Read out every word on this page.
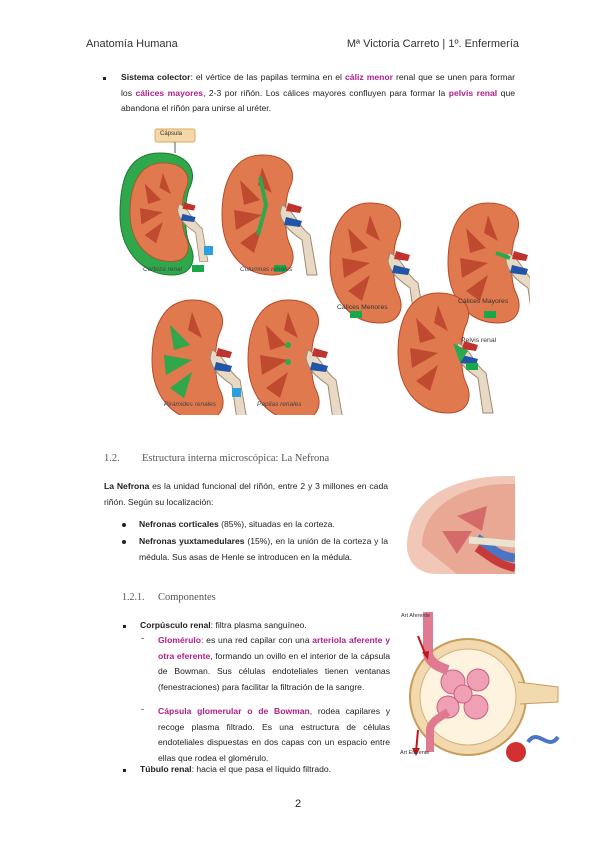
Anatomía Humana	Mª Victoria Carreto | 1º. Enfermería
Sistema colector: el vértice de las papilas termina en el cáliz menor renal que se unen para formar los cálices mayores, 2-3 por riñón. Los cálices mayores confluyen para formar la pelvis renal que abandona el riñón para unirse al uréter.
Corteza renal	Columnas renales
Pirámides renales	Papilas renales
Cápsula
Cálices Menores
Cálices Mayores
Pelvis renal
1.2. Estructura interna microscópica: La Nefrona
La Nefrona es la unidad funcional del riñón, entre 2 y 3 millones en cada riñón. Según su localización:
Nefronas corticales (85%), situadas en la corteza.
Nefronas yuxtamedulares (15%), en la unión de la corteza y la médula. Sus asas de Henle se introducen en la médula.
1.2.1. Componentes
Corpúsculo renal: filtra plasma sanguíneo.
- Glomérulo: es una red capilar con una arteriola aferente y otra eferente, formando un ovillo en el interior de la cápsula de Bowman. Sus células endoteliales tienen ventanas (fenestraciones) para facilitar la filtración de la sangre.
- Cápsula glomerular o de Bowman, rodea capilares y recoge plasma filtrado. Es una estructura de células endoteliales dispuestas en dos capas con un espacio entre ellas que rodea el glomérulo.
Túbulo renal: hacia el que pasa el líquido filtrado.
Art Aferente
Art Eferente
2
